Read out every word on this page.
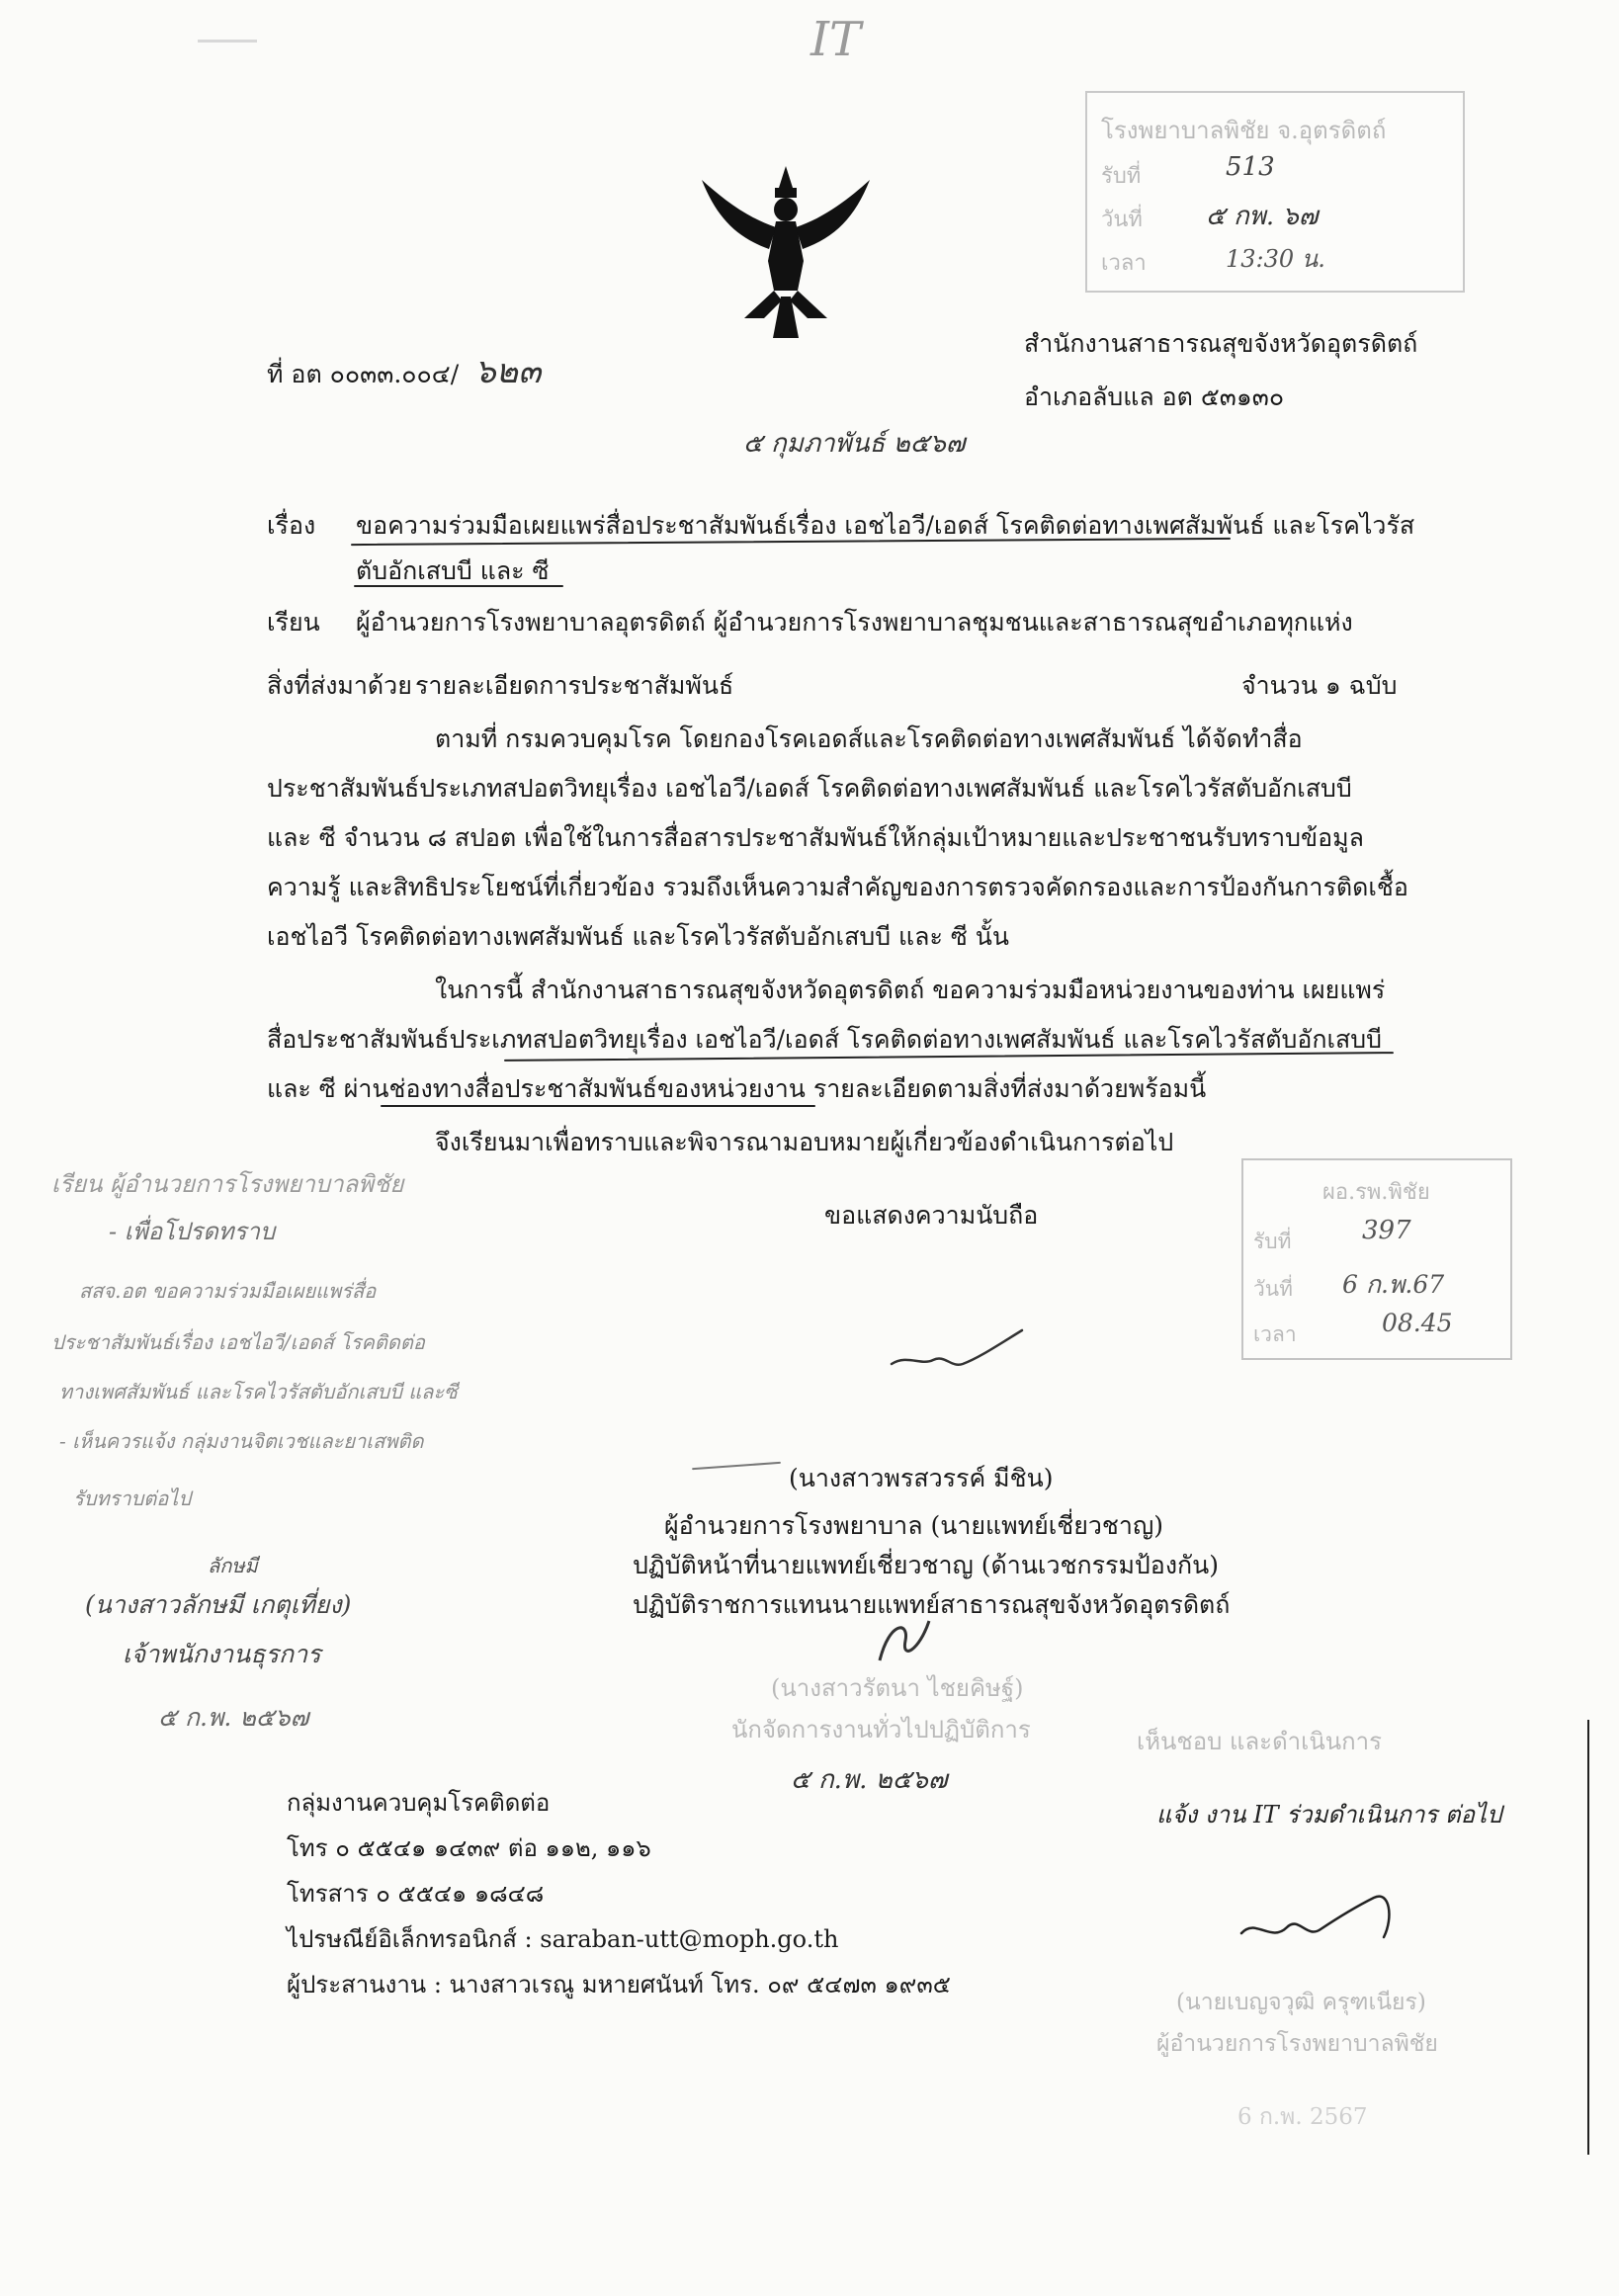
IT
โรงพยาบาลพิชัย จ.อุตรดิตถ์
รับที่	513
วันที่ ๕ กพ. ๖๗
เวลา	13:30 น.
ที่ อต ๐๐๓๓.๐๐๔/ ๖๒๓
สำนักงานสาธารณสุขจังหวัดอุตรดิตถ์
อำเภอลับแล อต ๕๓๑๓๐
๕ กุมภาพันธ์ ๒๕๖๗
เรื่อง ขอความร่วมมือเผยแพร่สื่อประชาสัมพันธ์เรื่อง เอชไอวี/เอดส์ โรคติดต่อทางเพศสัมพันธ์ และโรคไวรัส
ตับอักเสบบี และ ซี
เรียน ผู้อำนวยการโรงพยาบาลอุตรดิตถ์ ผู้อำนวยการโรงพยาบาลชุมชนและสาธารณสุขอำเภอทุกแห่ง
สิ่งที่ส่งมาด้วย รายละเอียดการประชาสัมพันธ์	จำนวน ๑ ฉบับ
ตามที่ กรมควบคุมโรค โดยกองโรคเอดส์และโรคติดต่อทางเพศสัมพันธ์ ได้จัดทำสื่อ
ประชาสัมพันธ์ประเภทสปอตวิทยุเรื่อง เอชไอวี/เอดส์ โรคติดต่อทางเพศสัมพันธ์ และโรคไวรัสตับอักเสบบี
และ ซี จำนวน ๘ สปอต เพื่อใช้ในการสื่อสารประชาสัมพันธ์ให้กลุ่มเป้าหมายและประชาชนรับทราบข้อมูล
ความรู้ และสิทธิประโยชน์ที่เกี่ยวข้อง รวมถึงเห็นความสำคัญของการตรวจคัดกรองและการป้องกันการติดเชื้อ
เอชไอวี โรคติดต่อทางเพศสัมพันธ์ และโรคไวรัสตับอักเสบบี และ ซี นั้น
ในการนี้ สำนักงานสาธารณสุขจังหวัดอุตรดิตถ์ ขอความร่วมมือหน่วยงานของท่าน เผยแพร่
สื่อประชาสัมพันธ์ประเภทสปอตวิทยุเรื่อง เอชไอวี/เอดส์ โรคติดต่อทางเพศสัมพันธ์ และโรคไวรัสตับอักเสบบี
และ ซี ผ่านช่องทางสื่อประชาสัมพันธ์ของหน่วยงาน รายละเอียดตามสิ่งที่ส่งมาด้วยพร้อมนี้
จึงเรียนมาเพื่อทราบและพิจารณามอบหมายผู้เกี่ยวข้องดำเนินการต่อไป
ขอแสดงความนับถือ
ผอ.รพ.พิชัย
รับที่	397
วันที่ 6 ก.พ.67
เวลา	08.45
เรียน ผู้อำนวยการโรงพยาบาลพิชัย
- เพื่อโปรดทราบ
สสจ.อต ขอความร่วมมือเผยแพร่สื่อ
ประชาสัมพันธ์เรื่อง เอชไอวี/เอดส์ โรคติดต่อ
ทางเพศสัมพันธ์ และโรคไวรัสตับอักเสบบี และซี
- เห็นควรแจ้ง กลุ่มงานจิตเวชและยาเสพติด
รับทราบต่อไป
ลักษมี
(นางสาวลักษมี เกตุเที่ยง)
เจ้าพนักงานธุรการ
๕ ก.พ. ๒๕๖๗
(นางสาวพรสวรรค์ มีชิน)
ผู้อำนวยการโรงพยาบาล (นายแพทย์เชี่ยวชาญ)
ปฏิบัติหน้าที่นายแพทย์เชี่ยวชาญ (ด้านเวชกรรมป้องกัน)
ปฏิบัติราชการแทนนายแพทย์สาธารณสุขจังหวัดอุตรดิตถ์
(นางสาวรัตนา ไชยคิษฐ์)
นักจัดการงานทั่วไปปฏิบัติการ
๕ ก.พ. ๒๕๖๗
กลุ่มงานควบคุมโรคติดต่อ
โทร ๐ ๕๕๔๑ ๑๔๓๙ ต่อ ๑๑๒, ๑๑๖
โทรสาร ๐ ๕๕๔๑ ๑๘๔๘
ไปรษณีย์อิเล็กทรอนิกส์ : saraban-utt@moph.go.th
ผู้ประสานงาน : นางสาวเรณู มหายศนันท์ โทร. ๐๙ ๕๔๗๓ ๑๙๓๕
เห็นชอบ และดำเนินการ
แจ้ง งาน IT ร่วมดำเนินการ ต่อไป
(นายเบญจวุฒิ ครุฑเนียร)
ผู้อำนวยการโรงพยาบาลพิชัย
6 ก.พ. 2567
